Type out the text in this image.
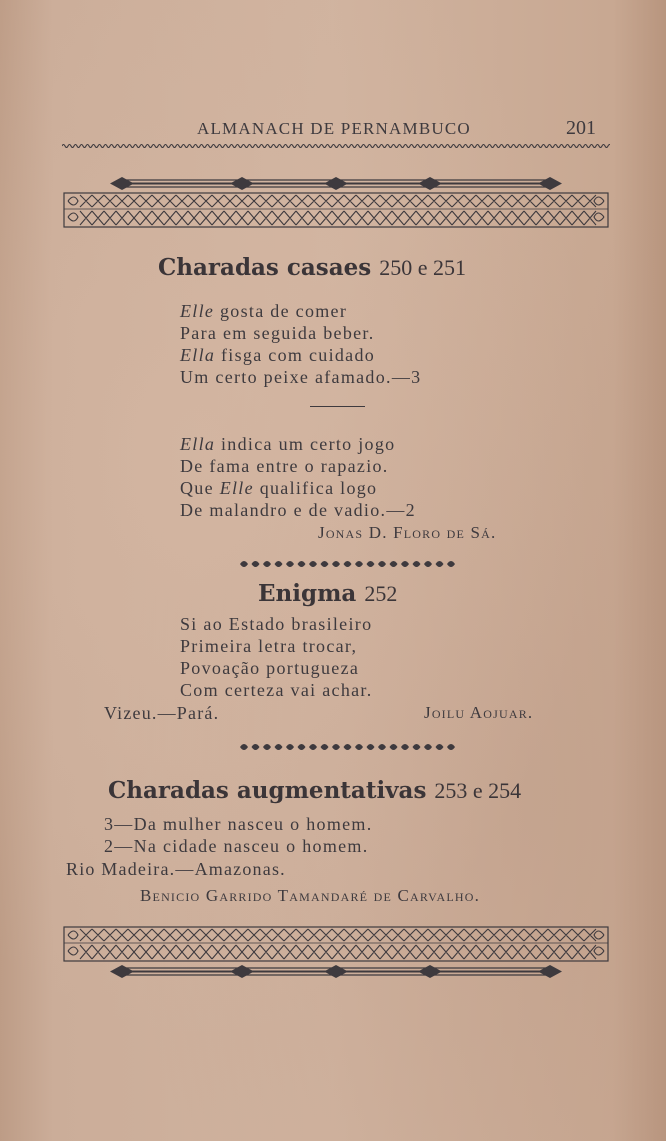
ALMANACH DE PERNAMBUCO	201
Charadas casaes 250 e 251
Elle gosta de comer
Para em seguida beber.
Ella fisga com cuidado
Um certo peixe afamado.—3
Ella indica um certo jogo
De fama entre o rapazio.
Que Elle qualifica logo
De malandro e de vadio.—2
Jonas D. Floro de Sá.
Enigma 252
Si ao Estado brasileiro
Primeira letra trocar,
Povoação portugueza
Com certeza vai achar.
Vizeu.—Pará.	Joilu Aojuar.
Charadas augmentativas 253 e 254
3—Da mulher nasceu o homem.
2—Na cidade nasceu o homem.
Rio Madeira.—Amazonas.
Benicio Garrido Tamandaré de Carvalho.
